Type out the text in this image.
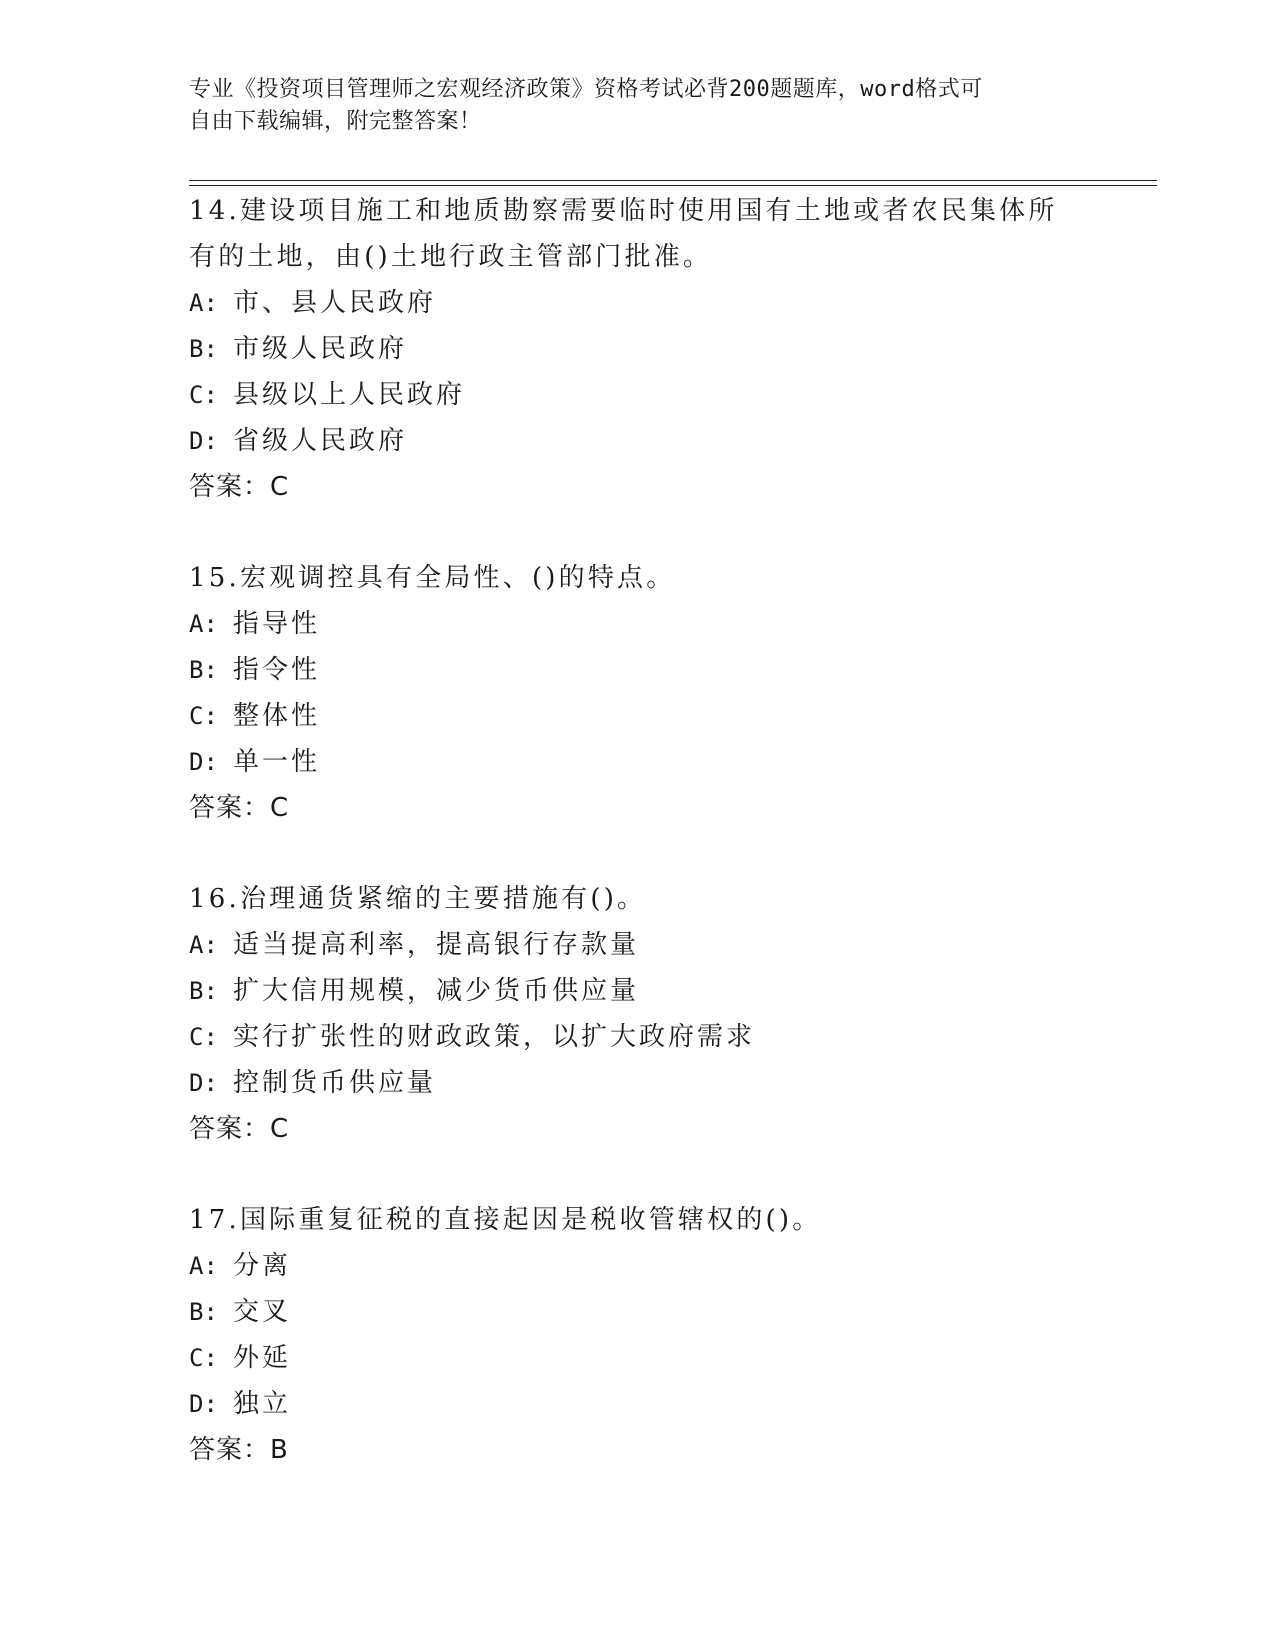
专业《投资项目管理师之宏观经济政策》资格考试必背200题题库，word格式可
自由下载编辑，附完整答案！
14.建设项目施工和地质勘察需要临时使用国有土地或者农民集体所有的土地，由()土地行政主管部门批准。
A: 市、县人民政府
B: 市级人民政府
C: 县级以上人民政府
D: 省级人民政府
答案：C
15.宏观调控具有全局性、()的特点。
A: 指导性
B: 指令性
C: 整体性
D: 单一性
答案：C
16.治理通货紧缩的主要措施有()。
A: 适当提高利率，提高银行存款量
B: 扩大信用规模，减少货币供应量
C: 实行扩张性的财政政策，以扩大政府需求
D: 控制货币供应量
答案：C
17.国际重复征税的直接起因是税收管辖权的()。
A: 分离
B: 交叉
C: 外延
D: 独立
答案：B
